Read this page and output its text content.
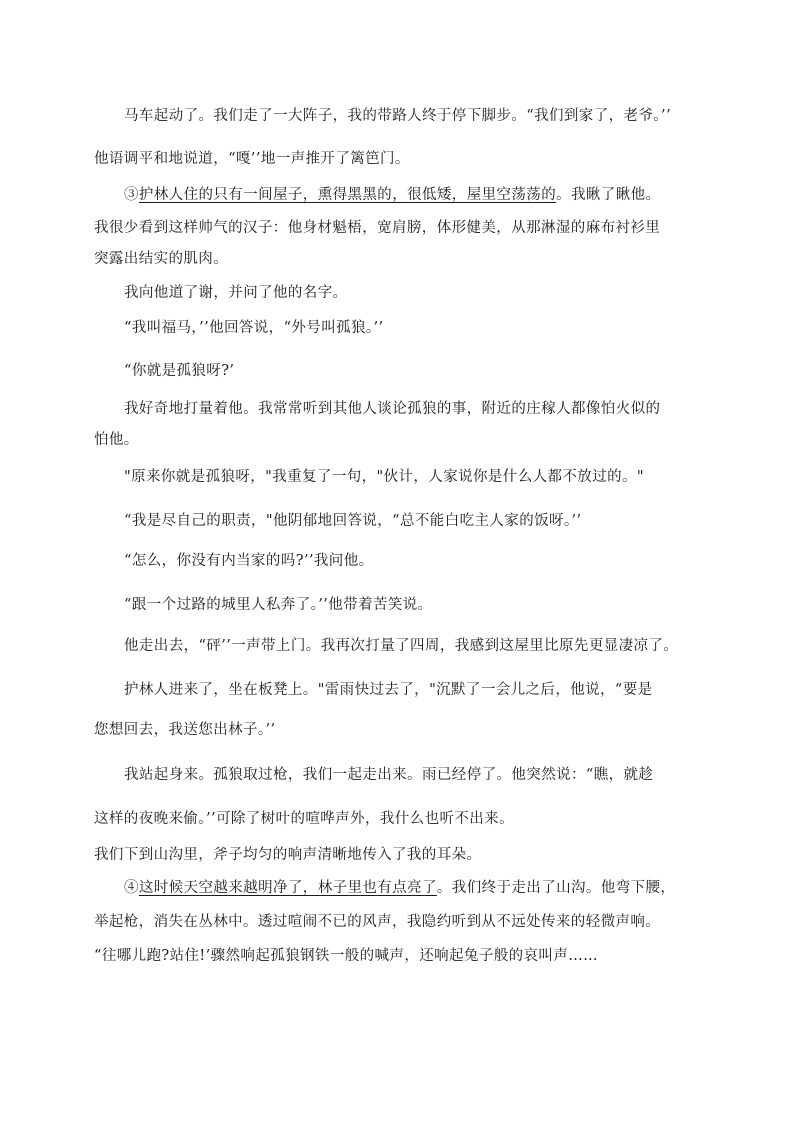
马车起动了。我们走了一大阵子，我的带路人终于停下脚步。“我们到家了，老爷。’’
他语调平和地说道，“嘎’’地一声推开了篱笆门。
③护林人住的只有一间屋子，熏得黑黑的，很低矮，屋里空荡荡的。我瞅了瞅他。
我很少看到这样帅气的汉子：他身材魁梧，宽肩膀，体形健美，从那淋湿的麻布衬衫里
突露出结实的肌肉。
我向他道了谢，并问了他的名字。
“我叫福马，’’他回答说，“外号叫孤狼。’’
“你就是孤狼呀?’
我好奇地打量着他。我常常听到其他人谈论孤狼的事，附近的庄稼人都像怕火似的
怕他。
"原来你就是孤狼呀，"我重复了一句，"伙计，人家说你是什么人都不放过的。"
“我是尽自己的职责，"他阴郁地回答说，“总不能白吃主人家的饭呀。’’
“怎么，你没有内当家的吗?’’我问他。
“跟一个过路的城里人私奔了。’’他带着苦笑说。
他走出去，“砰’’一声带上门。我再次打量了四周，我感到这屋里比原先更显凄凉了。
护林人进来了，坐在板凳上。"雷雨快过去了，"沉默了一会儿之后，他说，“要是
您想回去，我送您出林子。’’
我站起身来。孤狼取过枪，我们一起走出来。雨已经停了。他突然说：“瞧，就趁
这样的夜晚来偷。’’可除了树叶的喧哗声外，我什么也听不出来。
我们下到山沟里，斧子均匀的响声清晰地传入了我的耳朵。
④这时候天空越来越明净了，林子里也有点亮了。我们终于走出了山沟。他弯下腰，
举起枪，消失在丛林中。透过喧闹不已的风声，我隐约听到从不远处传来的轻微声响。
“往哪儿跑?站住!’骤然响起孤狼钢铁一般的喊声，还响起兔子般的哀叫声……
